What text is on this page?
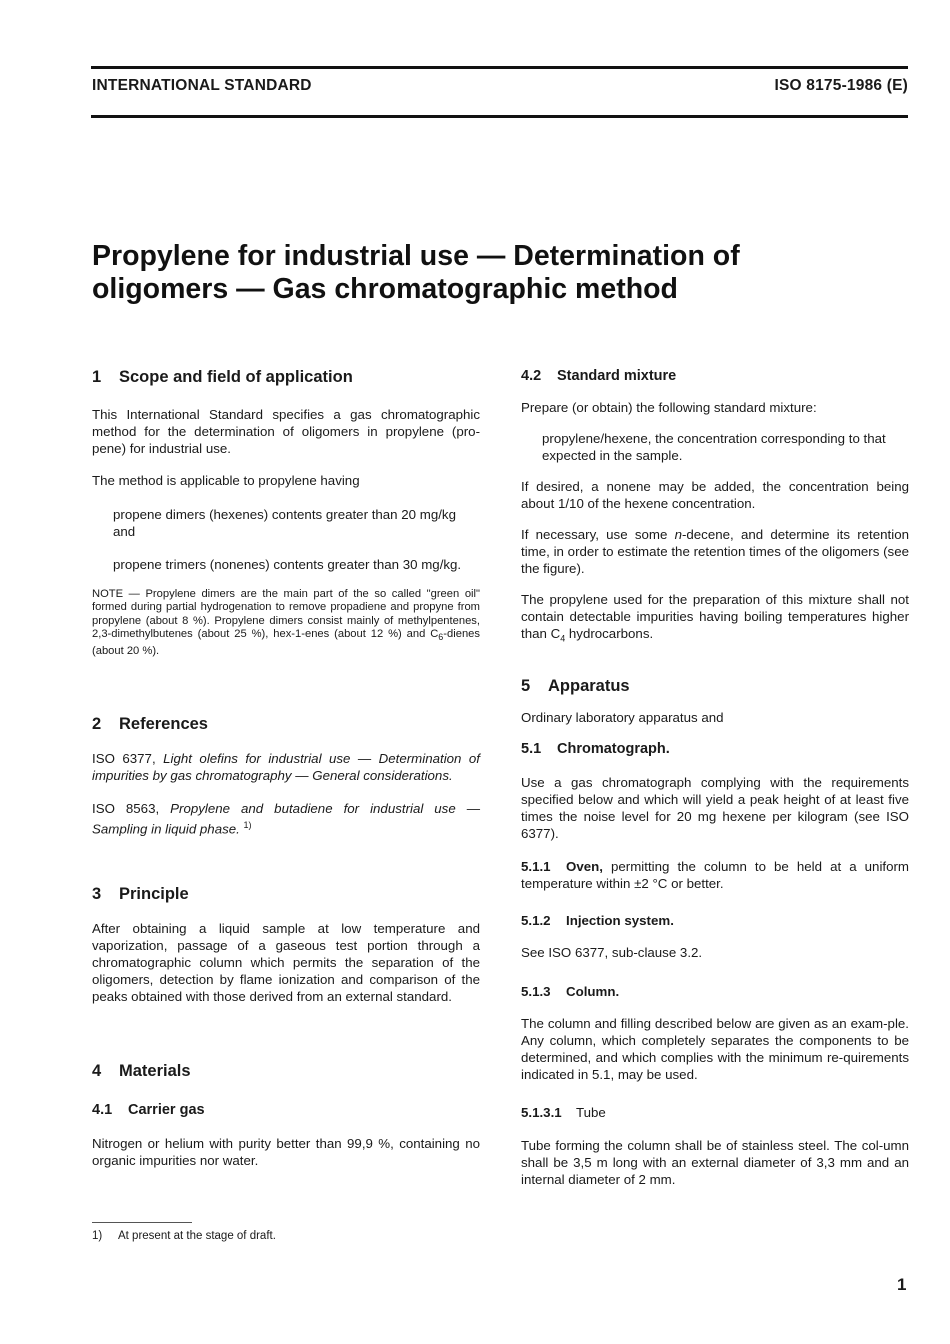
INTERNATIONAL STANDARD	ISO 8175-1986 (E)
Propylene for industrial use — Determination of
oligomers — Gas chromatographic method
1 Scope and field of application

This International Standard specifies a gas chromatographic method for the determination of oligomers in propylene (pro-pene) for industrial use.

The method is applicable to propylene having

propene dimers (hexenes) contents greater than 20 mg/kg and

propene trimers (nonenes) contents greater than 30 mg/kg.

NOTE — Propylene dimers are the main part of the so called "green oil" formed during partial hydrogenation to remove propadiene and propyne from propylene (about 8 %). Propylene dimers consist mainly of methylpentenes, 2,3-dimethylbutenes (about 25 %), hex-1-enes (about 12 %) and $C_6$-dienes (about 20 %).

2 References

ISO 6377, Light olefins for industrial use — Determination of impurities by gas chromatography — General considerations.

ISO 8563, Propylene and butadiene for industrial use — Sampling in liquid phase. $^{1)}$

3 Principle

After obtaining a liquid sample at low temperature and vaporization, passage of a gaseous test portion through a chromatographic column which permits the separation of the oligomers, detection by flame ionization and comparison of the peaks obtained with those derived from an external standard.

4 Materials
4.1 Carrier gas

Nitrogen or helium with purity better than 99,9 %, containing no organic impurities nor water.

4.2 Standard mixture

Prepare (or obtain) the following standard mixture:

propylene/hexene, the concentration corresponding to that expected in the sample.

If desired, a nonene may be added, the concentration being about 1/10 of the hexene concentration.

If necessary, use some n-decene, and determine its retention time, in order to estimate the retention times of the oligomers (see the figure).

The propylene used for the preparation of this mixture shall not contain detectable impurities having boiling temperatures higher than $C_4$ hydrocarbons.

5 Apparatus

Ordinary laboratory apparatus and

5.1 Chromatograph.

Use a gas chromatograph complying with the requirements specified below and which will yield a peak height of at least five times the noise level for 20 mg hexene per kilogram (see ISO 6377).

5.1.1 Oven, permitting the column to be held at a uniform temperature within ±2 °C or better.

5.1.2 Injection system.

See ISO 6377, sub-clause 3.2.

5.1.3 Column.

The column and filling described below are given as an exam-ple. Any column, which completely separates the components to be determined, and which complies with the minimum re-quirements indicated in 5.1, may be used.

5.1.3.1 Tube

Tube forming the column shall be of stainless steel. The col-umn shall be 3,5 m long with an external diameter of 3,3 mm and an internal diameter of 2 mm.

1) At present at the stage of draft.
1
